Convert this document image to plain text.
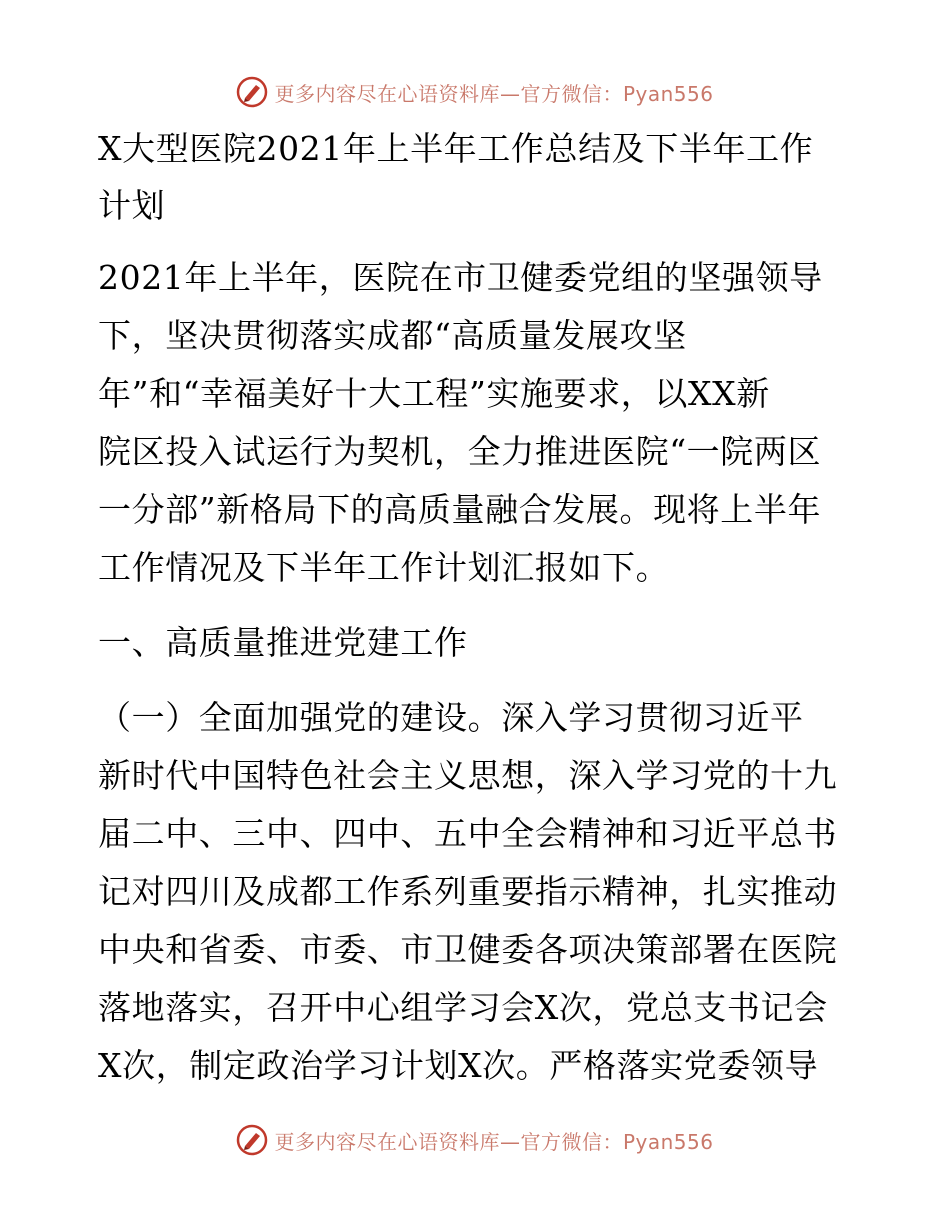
更多内容尽在心语资料库—官方微信：Pyan556
X大型医院2021年上半年工作总结及下半年工作
计划
2021年上半年，医院在市卫健委党组的坚强领导
下，坚决贯彻落实成都“高质量发展攻坚
年”和“幸福美好十大工程”实施要求，以XX新
院区投入试运行为契机，全力推进医院“一院两区
一分部”新格局下的高质量融合发展。现将上半年
工作情况及下半年工作计划汇报如下。
一、高质量推进党建工作
（一）全面加强党的建设。深入学习贯彻习近平
新时代中国特色社会主义思想，深入学习党的十九
届二中、三中、四中、五中全会精神和习近平总书
记对四川及成都工作系列重要指示精神，扎实推动
中央和省委、市委、市卫健委各项决策部署在医院
落地落实，召开中心组学习会X次，党总支书记会
X次，制定政治学习计划X次。严格落实党委领导
更多内容尽在心语资料库—官方微信：Pyan556
